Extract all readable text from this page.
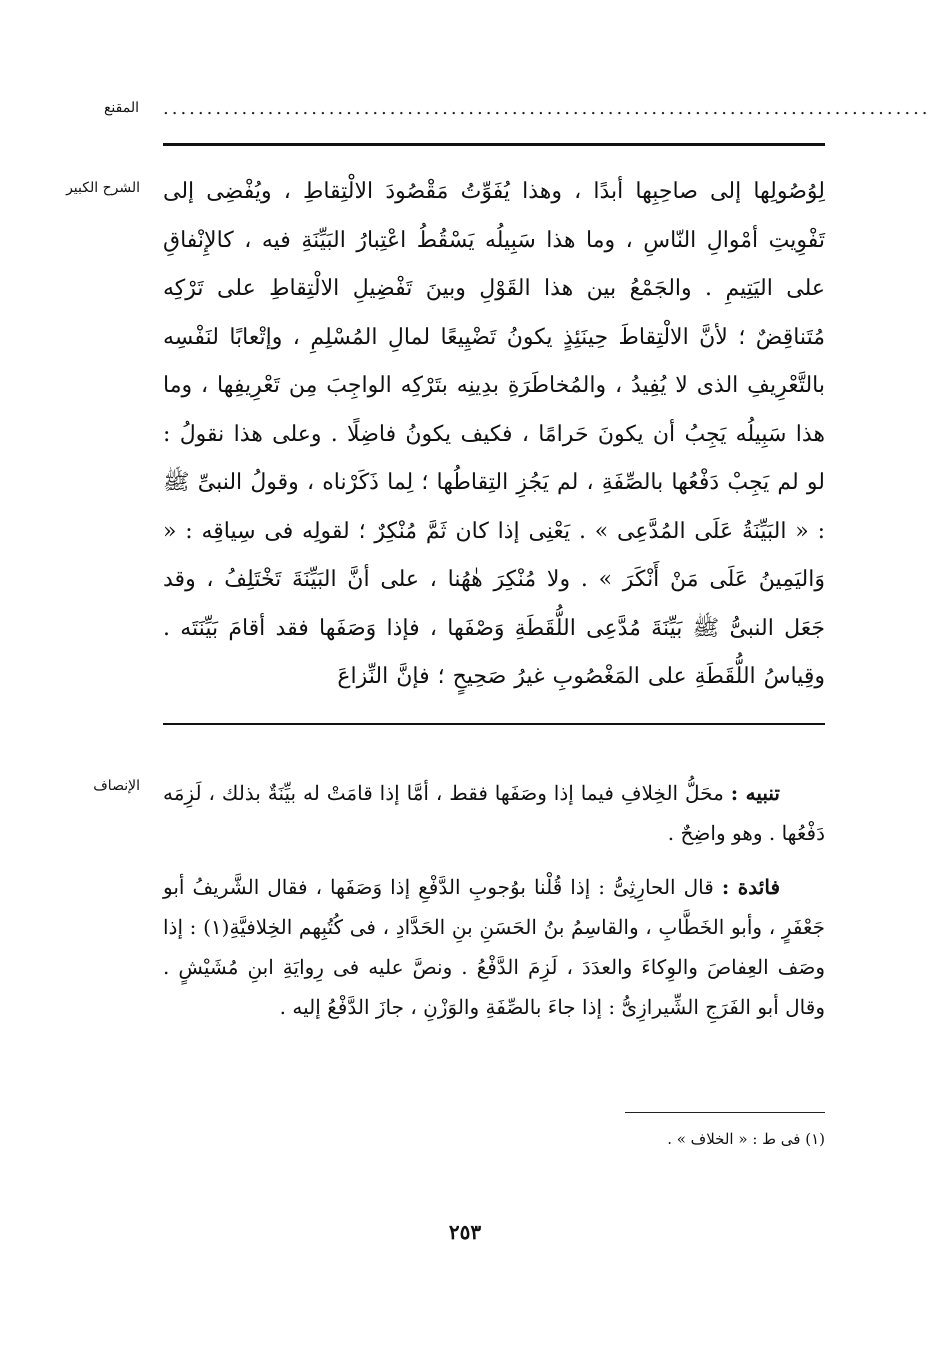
المقنع ........................................................................................
الشرح الكبير لِوُصُولِها إلى صاحِبِها أبدًا ، وهذا يُفَوِّتُ مَقْصُودَ الالْتِقاطِ ، ويُفْضِى إلى تَفْوِيتِ أمْوالِ النّاسِ ، وما هذا سَبِيلُه يَسْقُطُ اعْتِبارُ البَيِّنَةِ فيه ، كالإِنْفاقِ على اليَتِيمِ . والجَمْعُ بين هذا القَوْلِ وبينَ تَفْضِيلِ الالْتِقاطِ على تَرْكِه مُتَناقِضٌ ؛ لأنَّ الالْتِقاطَ حِينَئِذٍ يكونُ تَضْيِيعًا لمالِ المُسْلِمِ ، وإتْعابًا لنَفْسِه بالتَّعْرِيفِ الذى لا يُفِيدُ ، والمُخاطَرَةِ بدِينِه بتَرْكِه الواجِبَ مِن تَعْرِيفِها ، وما هذا سَبِيلُه يَجِبُ أن يكونَ حَرامًا ، فكيف يكونُ فاضِلًا . وعلى هذا نقولُ : لو لم يَجِبْ دَفْعُها بالصِّفَةِ ، لم يَجُزِ التِقاطُها ؛ لِما ذَكَرْناه ، وقولُ النبىِّ ﷺ : « البَيِّنَةُ عَلَى المُدَّعِى » . يَعْنِى إذا كان ثَمَّ مُنْكِرٌ ؛ لقولِه فى سِياقِه : « وَاليَمِينُ عَلَى مَنْ أَنْكَرَ » . ولا مُنْكِرَ هٰهُنا ، على أنَّ البَيِّنَةَ تَخْتَلِفُ ، وقد جَعَل النبىُّ ﷺ بَيِّنَةَ مُدَّعِى اللُّقَطَةِ وَصْفَها ، فإذا وَصَفَها فقد أقامَ بَيِّنَتَه . وقِياسُ اللُّقَطَةِ على المَغْصُوبِ غيرُ صَحِيحٍ ؛ فإنَّ النِّزاعَ
الإنصاف	تنبيه : محَلُّ الخِلافِ فيما إذا وصَفَها فقط ، أمَّا إذا قامَتْ له بيِّنَةٌ بذلك ، لَزِمَه دَفْعُها . وهو واضِحٌ .

فائدة : قال الحارِثِىُّ : إذا قُلْنا بوُجوبِ الدَّفْعِ إذا وَصَفَها ، فقال الشَّريفُ أبو جَعْفَرٍ ، وأبو الخَطَّابِ ، والقاسِمُ بنُ الحَسَنِ بنِ الحَدَّادِ ، فى كُتُبِهم الخِلافيَّةِ(١) : إذا وصَف العِفاصَ والوِكاءَ والعدَدَ ، لَزِمَ الدَّفْعُ . ونصَّ عليه فى رِوايَةِ ابنِ مُشَيْشٍ . وقال أبو الفَرَجِ الشِّيرازِىُّ : إذا جاءَ بالصِّفَةِ والوَزْنِ ، جازَ الدَّفْعُ إليه .

(١) فى ط : « الخلاف » .
٢٥٣
